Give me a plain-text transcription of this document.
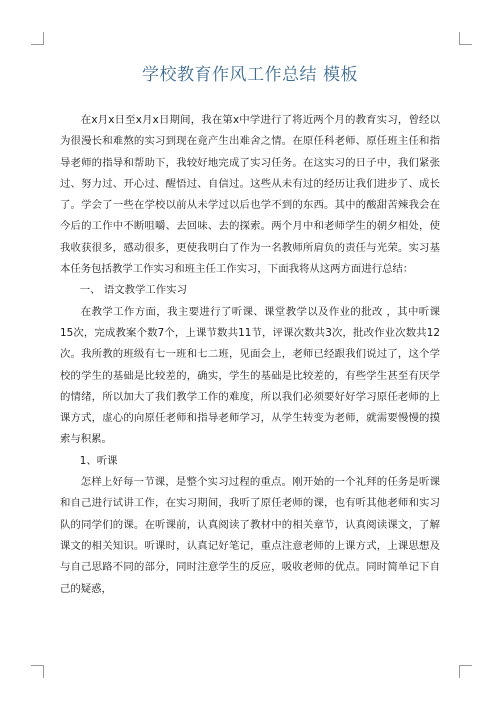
学校教育作风工作总结 模板

在x月x日至x月x日期间，我在第x中学进行了将近两个月的教育实习，曾经以为很漫长和难熬的实习到现在竟产生出难舍之情。在原任科老师、原任班主任和指导老师的指导和帮助下，我较好地完成了实习任务。在这实习的日子中，我们紧张过、努力过、开心过、醒悟过、自信过。这些从未有过的经历让我们进步了、成长了。学会了一些在学校以前从未学过以后也学不到的东西。其中的酸甜苦辣我会在今后的工作中不断咀嚼、去回味、去的探索。两个月中和老师学生的朝夕相处，使我收获很多，感动很多，更使我明白了作为一名教师所肩负的责任与光荣。实习基本任务包括教学工作实习和班主任工作实习，下面我将从这两方面进行总结：

一、 语文教学工作实习

在教学工作方面，我主要进行了听课、课堂教学以及作业的批改 ，其中听课15次，完成教案个数7个，上课节数共11节，评课次数共3次，批改作业次数共12次。我所教的班级有七一班和七二班，见面会上，老师已经跟我们说过了，这个学校的学生的基础是比较差的，确实，学生的基础是比较差的，有些学生甚至有厌学的情绪，所以加大了我们教学工作的难度，所以我们必须要好好学习原任老师的上课方式，虚心的向原任老师和指导老师学习，从学生转变为老师，就需要慢慢的摸索与积累。

1、听课

怎样上好每一节课，是整个实习过程的重点。刚开始的一个礼拜的任务是听课和自己进行试讲工作，在实习期间，我听了原任老师的课，也有听其他老师和实习队的同学们的课。在听课前，认真阅读了教材中的相关章节，认真阅读课文，了解课文的相关知识。听课时，认真记好笔记，重点注意老师的上课方式，上课思想及与自己思路不同的部分，同时注意学生的反应，吸收老师的优点。同时简单记下自己的疑惑，
